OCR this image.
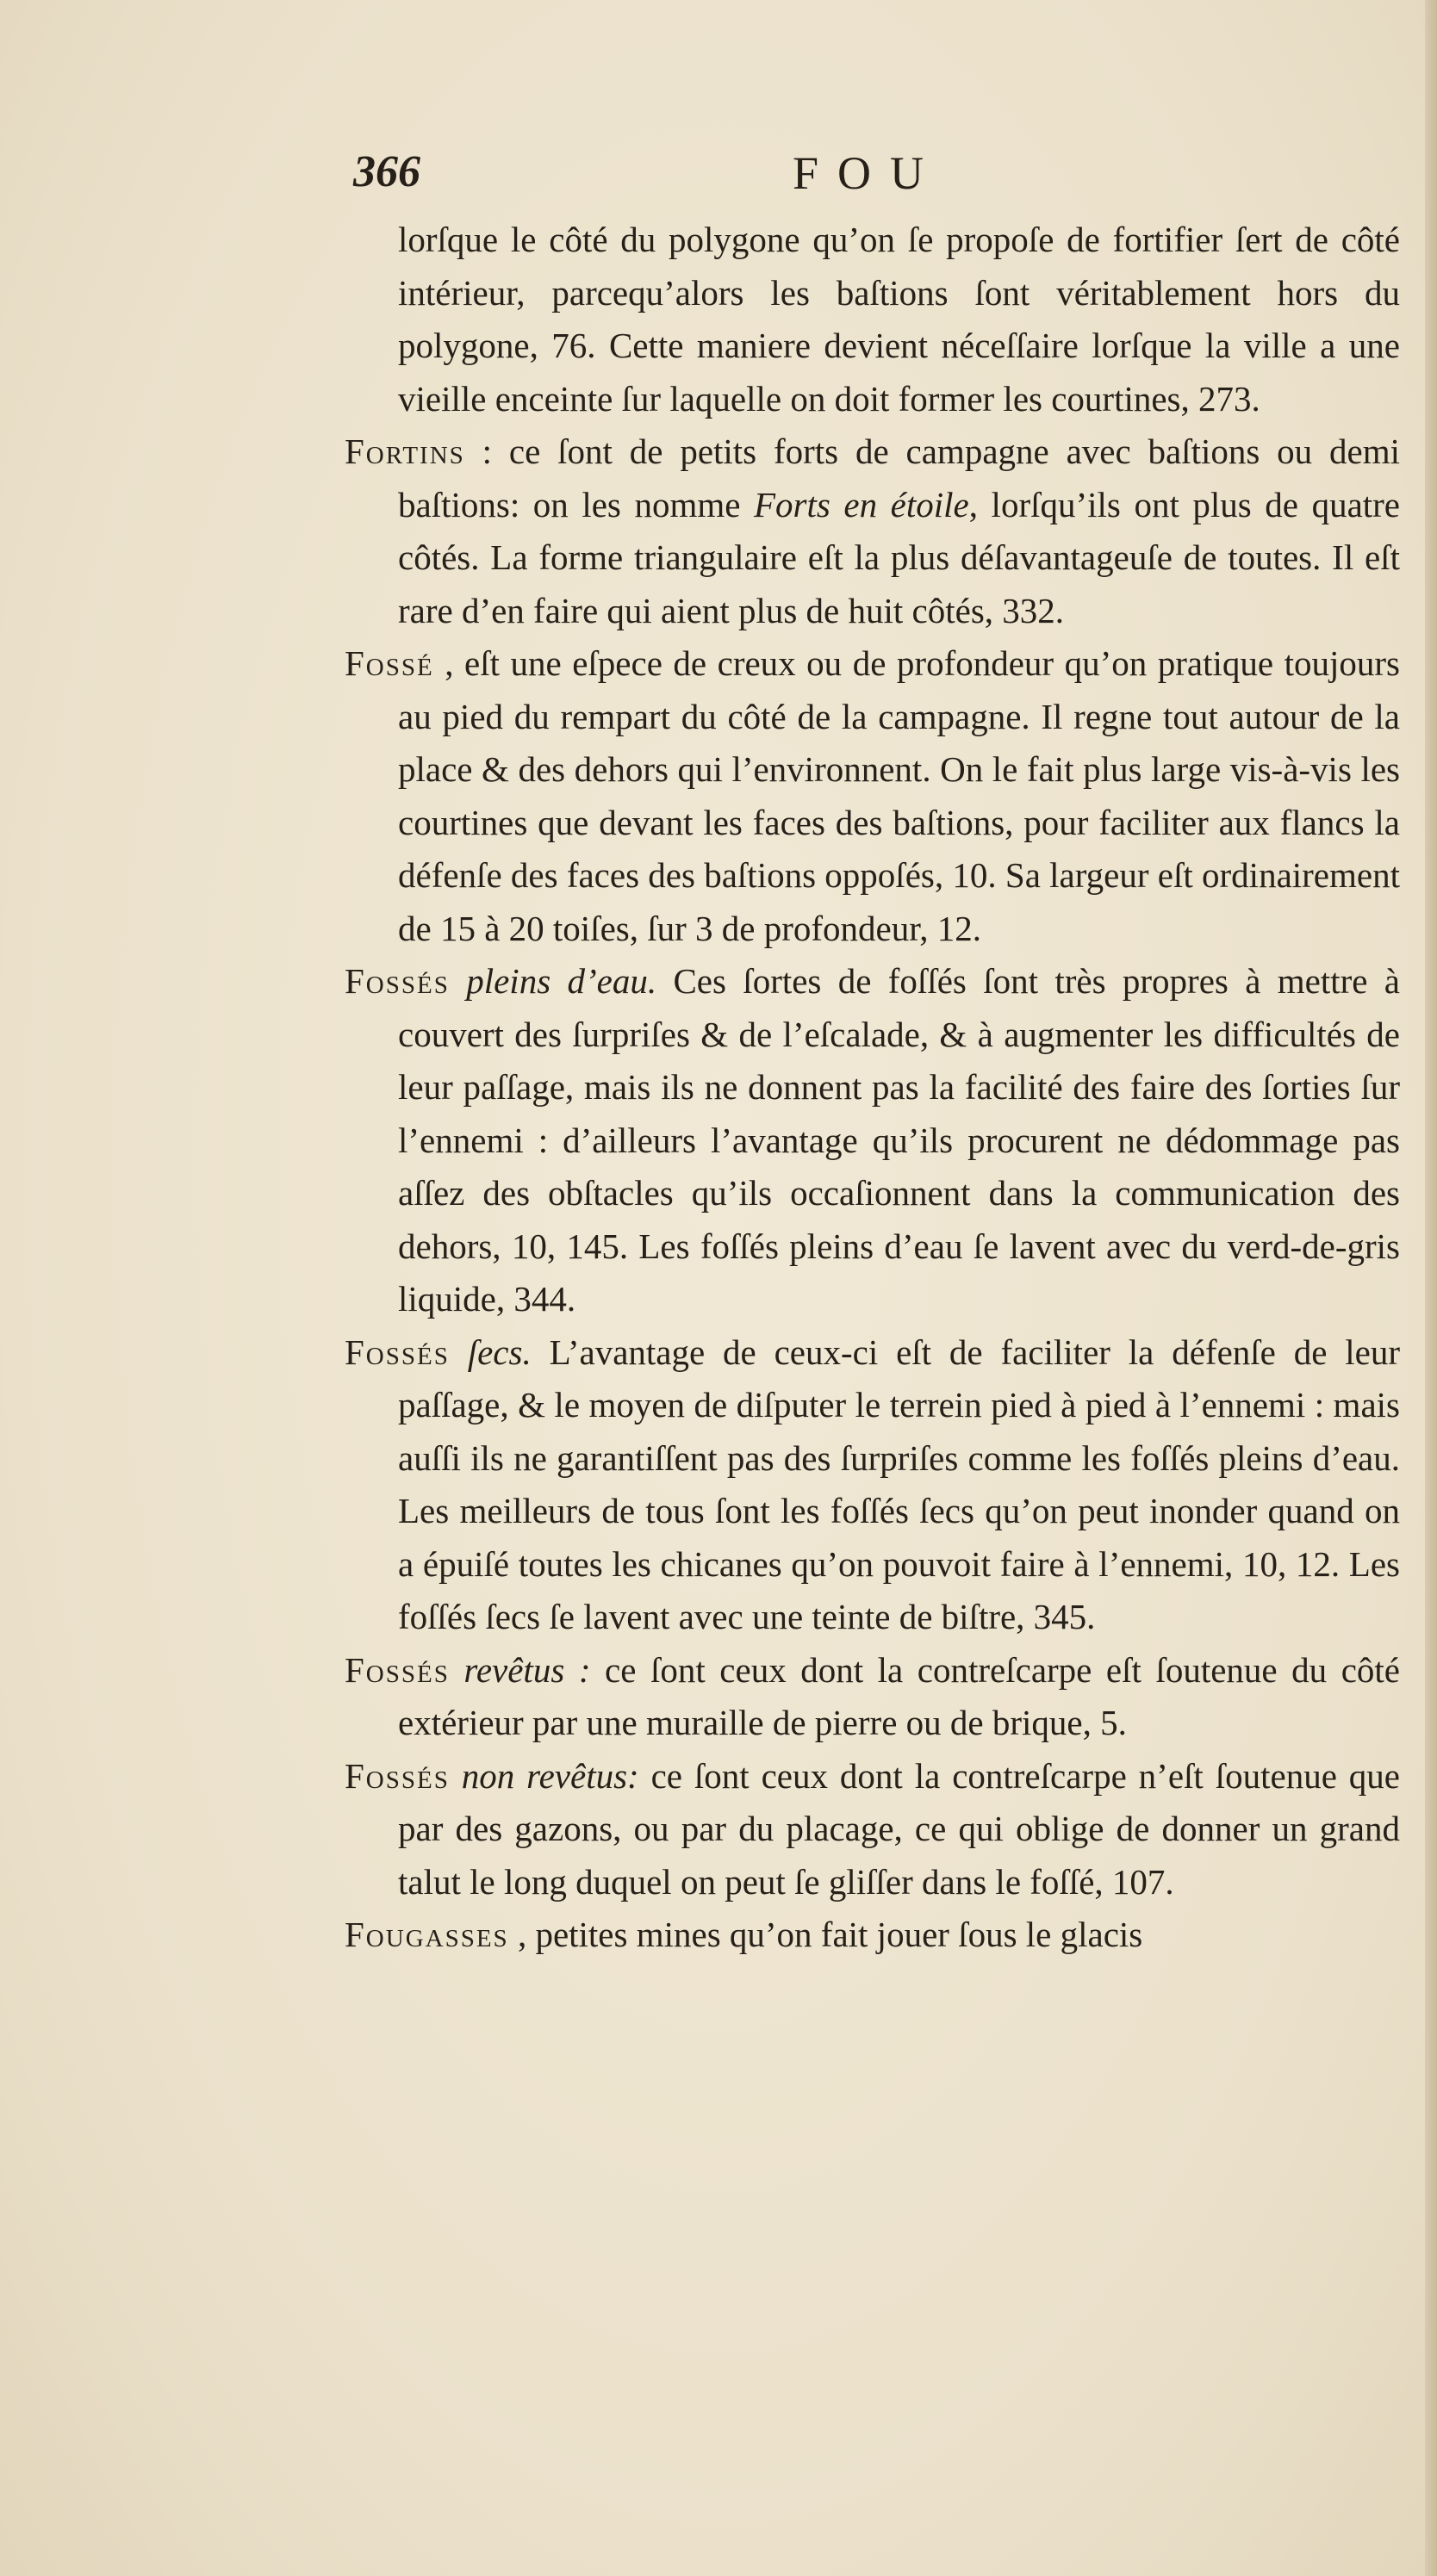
366	FOU

lorſque le côté du polygone qu’on ſe propoſe de fortifier ſert de côté intérieur, parcequ’alors les baſtions ſont véritablement hors du polygone, 76. Cette maniere devient néceſſaire lorſque la ville a une vieille enceinte ſur laquelle on doit former les courtines, 273.

Fortins : ce ſont de petits forts de campagne avec baſtions ou demi baſtions: on les nomme Forts en étoile, lorſqu’ils ont plus de quatre côtés. La forme triangulaire eſt la plus déſavantageuſe de toutes. Il eſt rare d’en faire qui aient plus de huit côtés, 332.

Fossé , eſt une eſpece de creux ou de profondeur qu’on pratique toujours au pied du rempart du côté de la campagne. Il regne tout autour de la place & des dehors qui l’environnent. On le fait plus large vis-à-vis les courtines que devant les faces des baſtions, pour faciliter aux flancs la défenſe des faces des baſtions oppoſés, 10. Sa largeur eſt ordinairement de 15 à 20 toiſes, ſur 3 de profondeur, 12.

Fossés pleins d’eau. Ces ſortes de foſſés ſont très propres à mettre à couvert des ſurpriſes & de l’eſcalade, & à augmenter les difficultés de leur paſſage, mais ils ne donnent pas la facilité des faire des ſorties ſur l’ennemi : d’ailleurs l’avantage qu’ils procurent ne dédommage pas aſſez des obſtacles qu’ils occaſionnent dans la communication des dehors, 10, 145. Les foſſés pleins d’eau ſe lavent avec du verd-de-gris liquide, 344.

Fossés ſecs. L’avantage de ceux-ci eſt de faciliter la défenſe de leur paſſage, & le moyen de diſputer le terrein pied à pied à l’ennemi : mais auſſi ils ne garantiſſent pas des ſurpriſes comme les foſſés pleins d’eau. Les meilleurs de tous ſont les foſſés ſecs qu’on peut inonder quand on a épuiſé toutes les chicanes qu’on pouvoit faire à l’ennemi, 10, 12. Les foſſés ſecs ſe lavent avec une teinte de biſtre, 345.

Fossés revêtus : ce ſont ceux dont la contreſcarpe eſt ſoutenue du côté extérieur par une muraille de pierre ou de brique, 5.

Fossés non revêtus: ce ſont ceux dont la contreſcarpe n’eſt ſoutenue que par des gazons, ou par du placage, ce qui oblige de donner un grand talut le long duquel on peut ſe gliſſer dans le foſſé, 107.

Fougasses , petites mines qu’on fait jouer ſous le glacis
